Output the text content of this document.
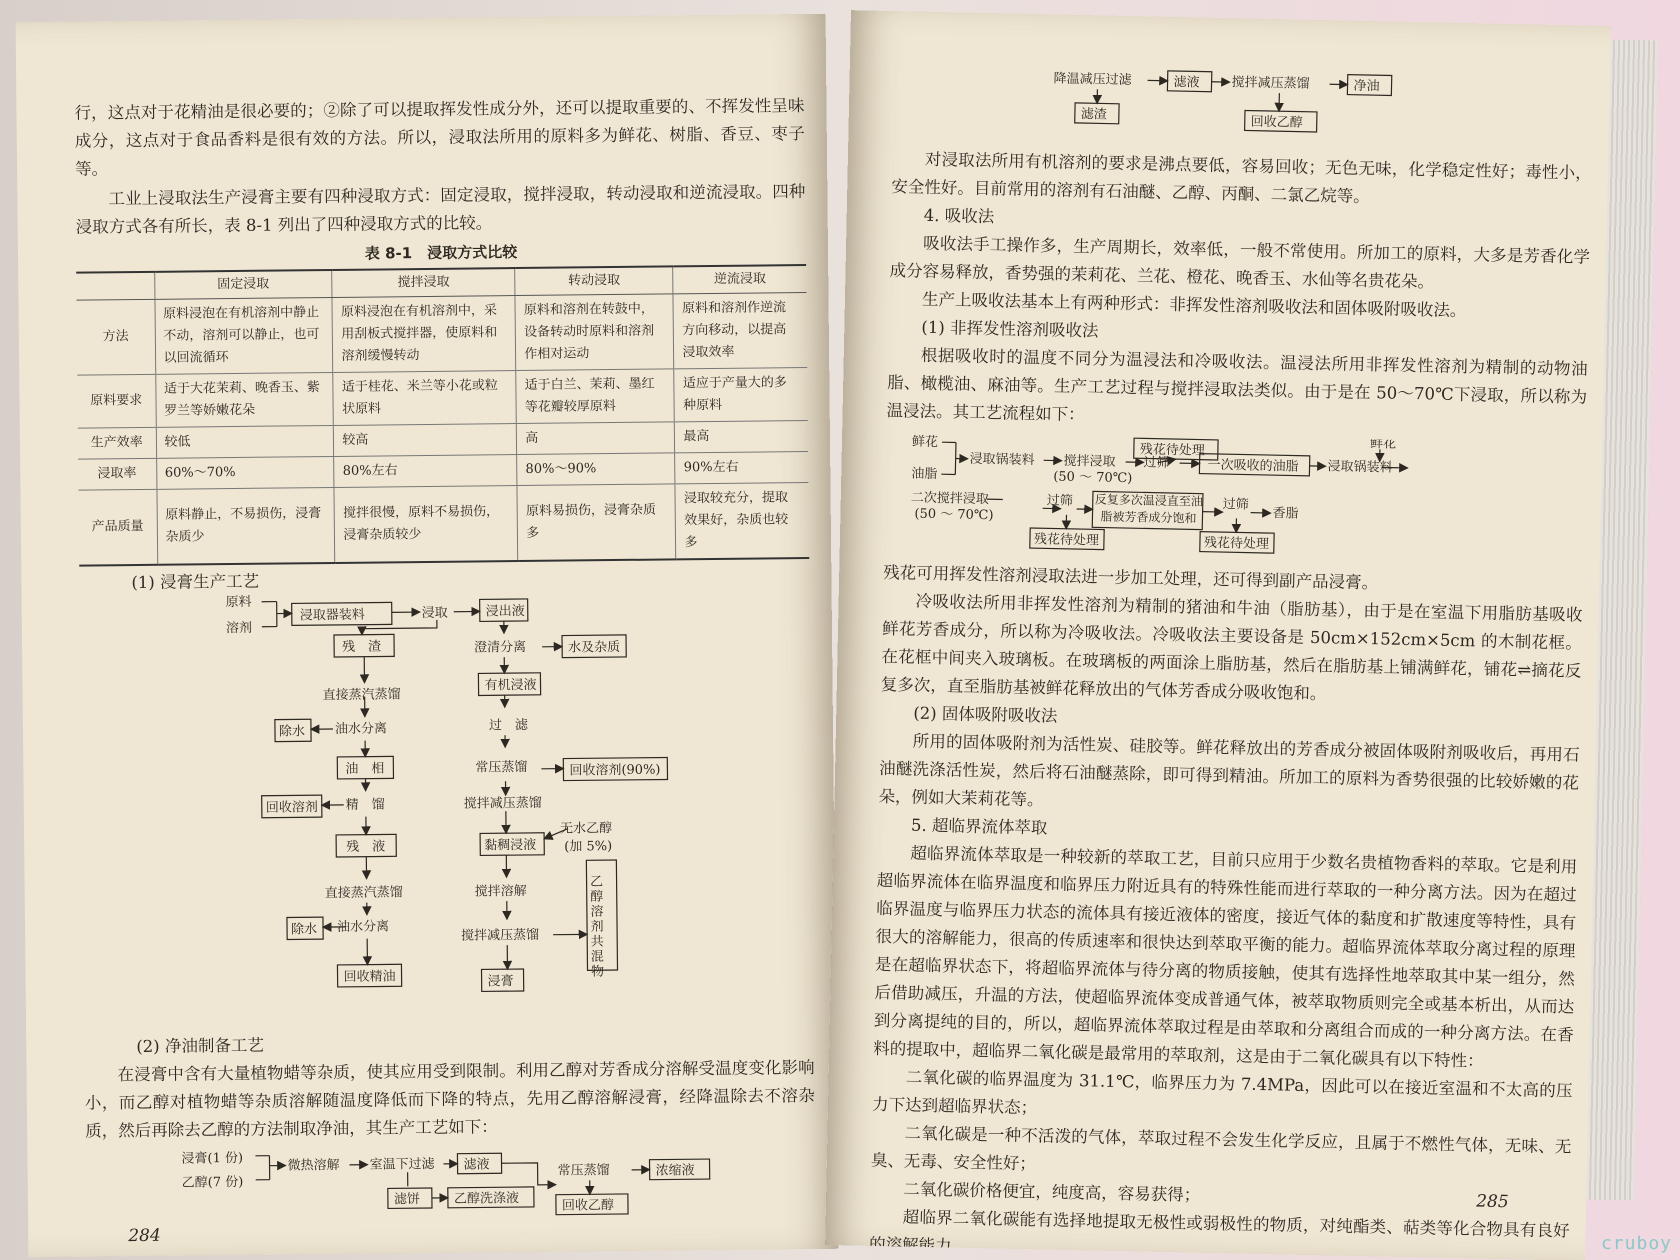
行，这点对于花精油是很必要的；②除了可以提取挥发性成分外，还可以提取重要的、不挥发性呈味成分，这点对于食品香料是很有效的方法。所以，浸取法所用的原料多为鲜花、树脂、香豆、枣子等。
工业上浸取法生产浸膏主要有四种浸取方式：固定浸取，搅拌浸取，转动浸取和逆流浸取。四种浸取方式各有所长，表 8-1 列出了四种浸取方式的比较。
表 8-1　浸取方式比较
	固定浸取	搅拌浸取	转动浸取	逆流浸取
方法	原料浸泡在有机溶剂中静止不动，溶剂可以静止，也可以回流循环	原料浸泡在有机溶剂中，采用刮板式搅拌器，使原料和溶剂缓慢转动	原料和溶剂在转鼓中，设备转动时原料和溶剂作相对运动	原料和溶剂作逆流方向移动，以提高浸取效率
原料要求	适于大花茉莉、晚香玉、紫罗兰等娇嫩花朵	适于桂花、米兰等小花或粒状原料	适于白兰、茉莉、墨红等花瓣较厚原料	适应于产量大的多种原料
生产效率	较低	较高	高	最高
浸取率	60%～70%	80%左右	80%～90%	90%左右
产品质量	原料静止，不易损伤，浸膏杂质少	搅拌很慢，原料不易损伤，浸膏杂质较少	原料易损伤，浸膏杂质多	浸取较充分，提取效果好，杂质也较多
(1) 浸膏生产工艺
原料
溶剂
浸取器装料	浸取	浸出液
残　渣	澄清分离	水及杂质
直接蒸汽蒸馏
有机浸液
除水 油水分离	过　滤
油　相	常压蒸馏	回收溶剂(90%)
回收溶剂 精　馏	搅拌减压蒸馏
残　液	黏稠浸液
无水乙醇
(加 5%)
直接蒸汽蒸馏	搅拌溶解	乙醇溶剂共混物
除水 油水分离
搅拌减压蒸馏
回收精油	浸膏
(2) 净油制备工艺
在浸膏中含有大量植物蜡等杂质，使其应用受到限制。利用乙醇对芳香成分溶解受温度变化影响小，而乙醇对植物蜡等杂质溶解随温度降低而下降的特点，先用乙醇溶解浸膏，经降温除去不溶杂质，然后再除去乙醇的方法制取净油，其生产工艺如下：
浸膏(1 份)
乙醇(7 份)
微热溶解 室温下过滤 滤液	常压蒸馏	浓缩液
滤饼	乙醇洗涤液	回收乙醇
284
降温减压过滤	滤液 搅拌减压蒸馏	净油
滤渣	回收乙醇
对浸取法所用有机溶剂的要求是沸点要低，容易回收；无色无味，化学稳定性好；毒性小，安全性好。目前常用的溶剂有石油醚、乙醇、丙酮、二氯乙烷等。
4. 吸收法
吸收法手工操作多，生产周期长，效率低，一般不常使用。所加工的原料，大多是芳香化学成分容易释放，香势强的茉莉花、兰花、橙花、晚香玉、水仙等名贵花朵。
生产上吸收法基本上有两种形式：非挥发性溶剂吸收法和固体吸附吸收法。
(1) 非挥发性溶剂吸收法
根据吸收时的温度不同分为温浸法和冷吸收法。温浸法所用非挥发性溶剂为精制的动物油脂、橄榄油、麻油等。生产工艺过程与搅拌浸取法类似。由于是在 50～70℃下浸取，所以称为温浸法。其工艺流程如下：
鲜花
油脂
浸取锅装料 搅拌浸取
(50 ～ 70℃)
残花待处理
过筛	一次吸收的油脂
鲜花
浸取锅装料
二次搅拌浸取
(50 ～ 70℃)
过筛 反复多次温浸直至油脂被芳香成分饱和
过筛
香脂
残花待处理	残花待处理
残花可用挥发性溶剂浸取法进一步加工处理，还可得到副产品浸膏。
冷吸收法所用非挥发性溶剂为精制的猪油和牛油（脂肪基），由于是在室温下用脂肪基吸收鲜花芳香成分，所以称为冷吸收法。冷吸收法主要设备是 50cm×152cm×5cm 的木制花框。在花框中间夹入玻璃板。在玻璃板的两面涂上脂肪基，然后在脂肪基上铺满鲜花，铺花⇌摘花反复多次，直至脂肪基被鲜花释放出的气体芳香成分吸收饱和。
(2) 固体吸附吸收法
所用的固体吸附剂为活性炭、硅胶等。鲜花释放出的芳香成分被固体吸附剂吸收后，再用石油醚洗涤活性炭，然后将石油醚蒸除，即可得到精油。所加工的原料为香势很强的比较娇嫩的花朵，例如大茉莉花等。
5. 超临界流体萃取
超临界流体萃取是一种较新的萃取工艺，目前只应用于少数名贵植物香料的萃取。它是利用超临界流体在临界温度和临界压力附近具有的特殊性能而进行萃取的一种分离方法。因为在超过临界温度与临界压力状态的流体具有接近液体的密度，接近气体的黏度和扩散速度等特性，具有很大的溶解能力，很高的传质速率和很快达到萃取平衡的能力。超临界流体萃取分离过程的原理是在超临界状态下，将超临界流体与待分离的物质接触，使其有选择性地萃取其中某一组分，然后借助减压，升温的方法，使超临界流体变成普通气体，被萃取物质则完全或基本析出，从而达到分离提纯的目的，所以，超临界流体萃取过程是由萃取和分离组合而成的一种分离方法。在香料的提取中，超临界二氧化碳是最常用的萃取剂，这是由于二氧化碳具有以下特性：
二氧化碳的临界温度为 31.1℃，临界压力为 7.4MPa，因此可以在接近室温和不太高的压力下达到超临界状态；
二氧化碳是一种不活泼的气体，萃取过程不会发生化学反应，且属于不燃性气体，无味、无臭、无毒、安全性好；
二氧化碳价格便宜，纯度高，容易获得；
超临界二氧化碳能有选择地提取无极性或弱极性的物质，对纯酯类、萜类等化合物具有良好的溶解能力。
285
cruboy
